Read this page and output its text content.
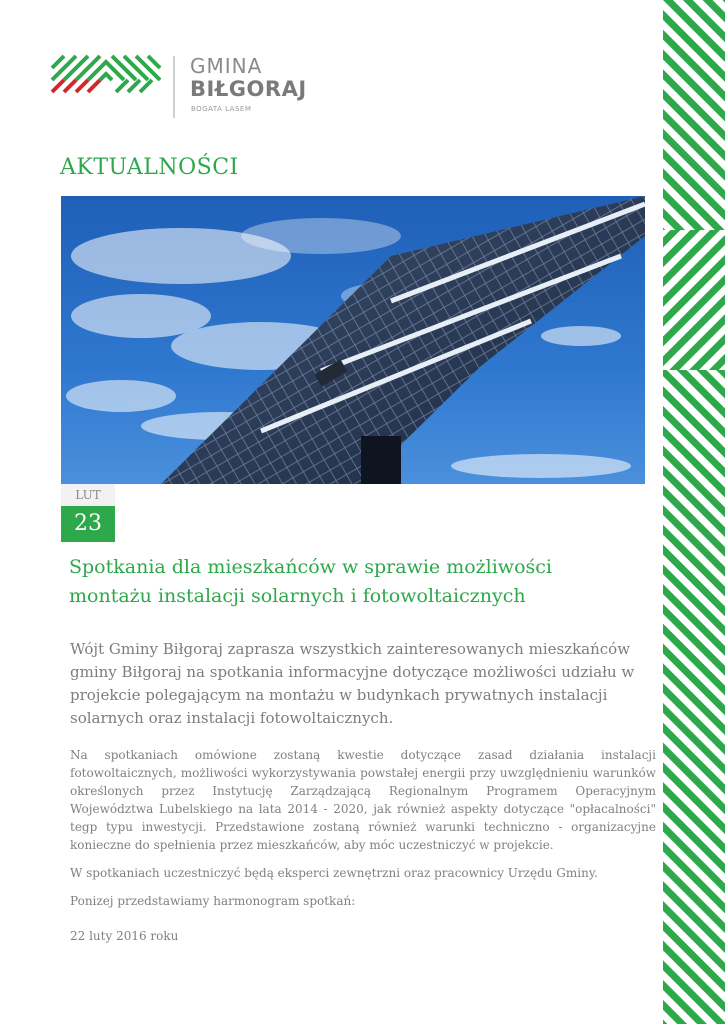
GMINA
BIŁGORAJ
BOGATA LASEM
AKTUALNOŚCI
LUT
23
Spotkania dla mieszkańców w sprawie możliwości montażu instalacji solarnych i fotowoltaicznych

Wójt Gminy Biłgoraj zaprasza wszystkich zainteresowanych mieszkańców gminy Biłgoraj na spotkania informacyjne dotyczące możliwości udziału w projekcie polegającym na montażu w budynkach prywatnych instalacji solarnych oraz instalacji fotowoltaicznych.

Na spotkaniach omówione zostaną kwestie dotyczące zasad działania instalacji fotowoltaicznych, możliwości wykorzystywania powstałej energii przy uwzględnieniu warunków określonych przez Instytucję Zarządzającą Regionalnym Programem Operacyjnym Województwa Lubelskiego na lata 2014 - 2020, jak również aspekty dotyczące "opłacalności" tegp typu inwestycji. Przedstawione zostaną również warunki techniczno - organizacyjne konieczne do spełnienia przez mieszkańców, aby móc uczestniczyć w projekcie.

W spotkaniach uczestniczyć będą eksperci zewnętrzni oraz pracownicy Urzędu Gminy.

Ponizej przedstawiamy harmonogram spotkań:

22 luty 2016 roku
